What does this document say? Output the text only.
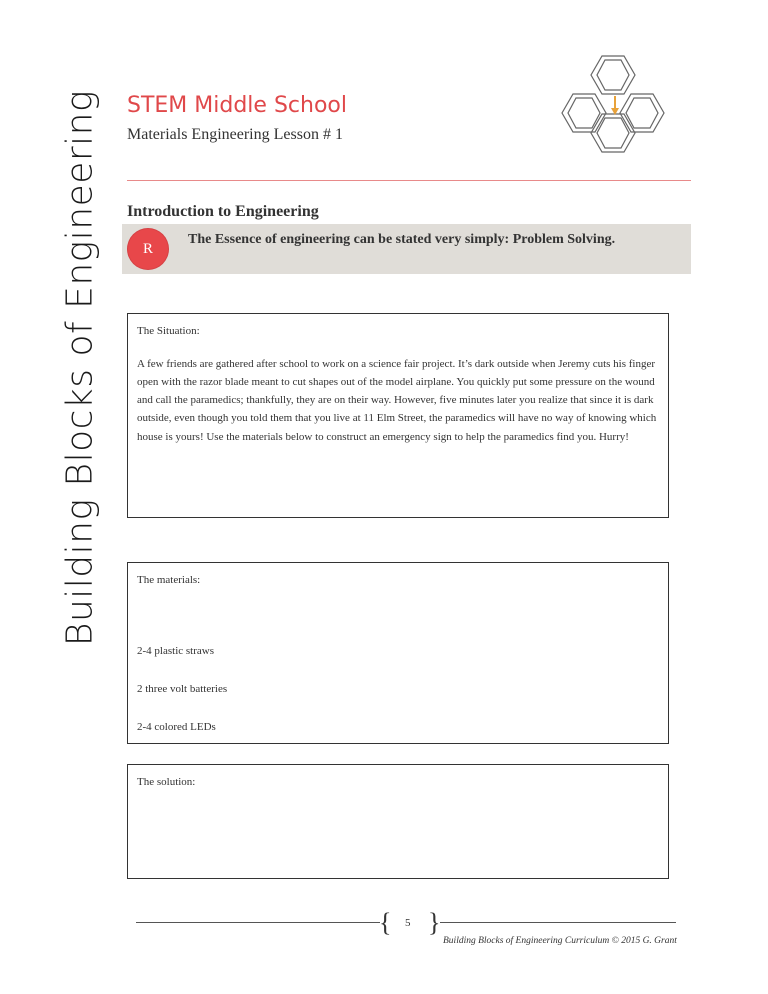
Building Blocks of Engineering STEM Middle School
Materials Engineering Lesson # 1
Introduction to Engineering
R
The Essence of engineering can be stated very simply: Problem Solving.
The Situation:
A few friends are gathered after school to work on a science fair project. It’s dark outside when Jeremy cuts his finger open with the razor blade meant to cut shapes out of the model airplane. You quickly put some pressure on the wound and call the paramedics; thankfully, they are on their way. However, five minutes later you realize that since it is dark outside, even though you told them that you live at 11 Elm Street, the paramedics will have no way of knowing which house is yours! Use the materials below to construct an emergency sign to help the paramedics find you. Hurry!
The materials:
2-4 plastic straws
2 three volt batteries
2-4 colored LEDs
The solution:
{ 5 }
Building Blocks of Engineering Curriculum © 2015 G. Grant
